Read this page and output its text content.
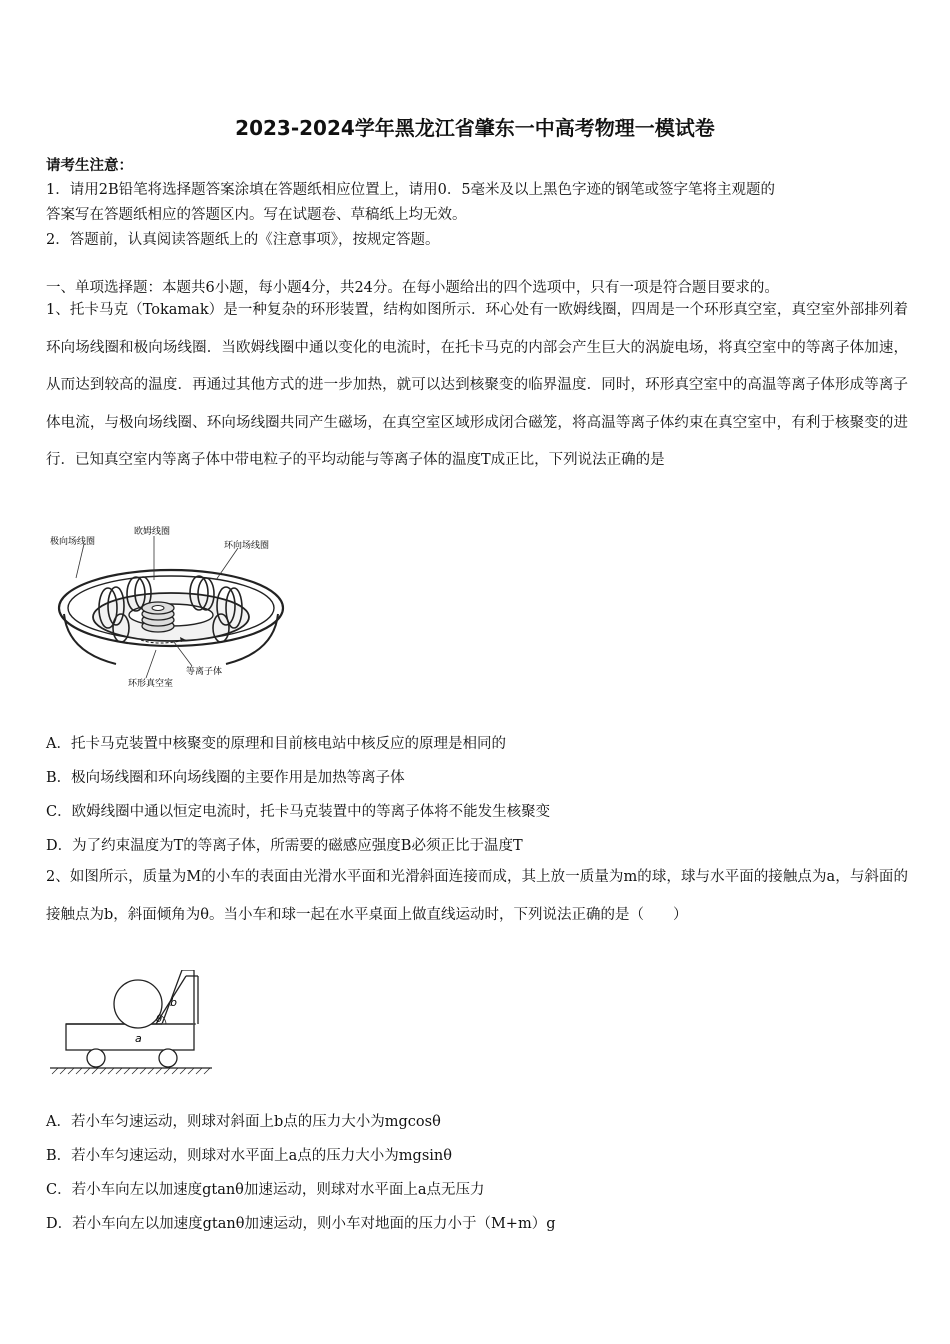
2023-2024学年黑龙江省肇东一中高考物理一模试卷
请考生注意：
1．请用2B铅笔将选择题答案涂填在答题纸相应位置上，请用0．5毫米及以上黑色字迹的钢笔或签字笔将主观题的
答案写在答题纸相应的答题区内。写在试题卷、草稿纸上均无效。
2．答题前，认真阅读答题纸上的《注意事项》，按规定答题。
一、单项选择题：本题共6小题，每小题4分，共24分。在每小题给出的四个选项中，只有一项是符合题目要求的。
1、托卡马克（Tokamak）是一种复杂的环形装置，结构如图所示．环心处有一欧姆线圈，四周是一个环形真空室，真空室外部排列着环向场线圈和极向场线圈．当欧姆线圈中通以变化的电流时，在托卡马克的内部会产生巨大的涡旋电场，将真空室中的等离子体加速，从而达到较高的温度．再通过其他方式的进一步加热，就可以达到核聚变的临界温度．同时，环形真空室中的高温等离子体形成等离子体电流，与极向场线圈、环向场线圈共同产生磁场，在真空室区域形成闭合磁笼，将高温等离子体约束在真空室中，有利于核聚变的进行．已知真空室内等离子体中带电粒子的平均动能与等离子体的温度T成正比，下列说法正确的是
极向场线圈
欧姆线圈
环向场线圈
等离子体
环形真空室
A．托卡马克装置中核聚变的原理和目前核电站中核反应的原理是相同的
B．极向场线圈和环向场线圈的主要作用是加热等离子体
C．欧姆线圈中通以恒定电流时，托卡马克装置中的等离子体将不能发生核聚变
D．为了约束温度为T的等离子体，所需要的磁感应强度B必须正比于温度T
2、如图所示，质量为M的小车的表面由光滑水平面和光滑斜面连接而成，其上放一质量为m的球，球与水平面的接触点为a，与斜面的接触点为b，斜面倾角为θ。当小车和球一起在水平桌面上做直线运动时，下列说法正确的是（　　）
a
b
θ
A．若小车匀速运动，则球对斜面上b点的压力大小为mgcosθ
B．若小车匀速运动，则球对水平面上a点的压力大小为mgsinθ
C．若小车向左以加速度gtanθ加速运动，则球对水平面上a点无压力
D．若小车向左以加速度gtanθ加速运动，则小车对地面的压力小于（M+m）g
